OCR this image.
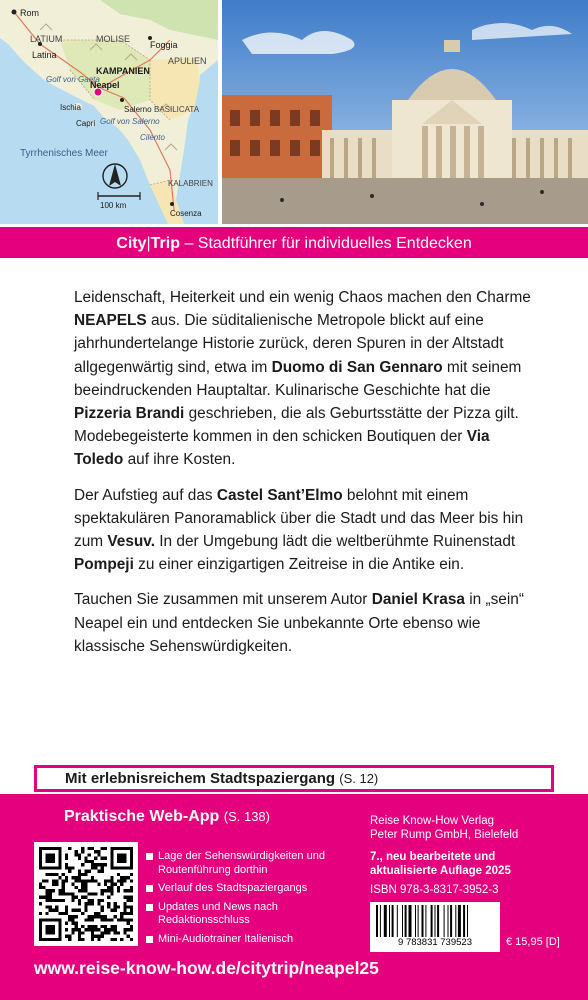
Rom
Latina
LATIUM	MOLISE
Foggia
APULIEN
KAMPANIEN
Golf von Gaeta
Neapel
Ischia
Capri
Salerno
Golf von Salerno
Cilento
BASILICATA
Tyrrhenisches Meer
KALABRIEN
Cosenza
100 km
City|Trip – Stadtführer für individuelles Entdecken

Leidenschaft, Heiterkeit und ein wenig Chaos machen den Charme NEAPELS aus. Die süditalienische Metropole blickt auf eine jahrhundertelange Historie zurück, deren Spuren in der Altstadt allgegenwärtig sind, etwa im Duomo di San Gennaro mit seinem beeindruckenden Hauptaltar. Kulinarische Geschichte hat die Pizzeria Brandi geschrieben, die als Geburtsstätte der Pizza gilt. Modebegeisterte kommen in den schicken Boutiquen der Via Toledo auf ihre Kosten.

Der Aufstieg auf das Castel Sant’Elmo belohnt mit einem spektakulären Panoramablick über die Stadt und das Meer bis hin zum Vesuv. In der Umgebung lädt die weltberühmte Ruinenstadt Pompeji zu einer einzigartigen Zeitreise in die Antike ein.

Tauchen Sie zusammen mit unserem Autor Daniel Krasa in „sein“ Neapel ein und entdecken Sie unbekannte Orte ebenso wie klassische Sehenswürdigkeiten.

Mit erlebnisreichem Stadtspaziergang (S. 12)
Praktische Web-App (S. 138)
Lage der Sehenswürdigkeiten und Routenführung dorthin
Verlauf des Stadtspaziergangs
Updates und News nach Redaktionsschluss
Mini-Audiotrainer Italienisch
Reise Know-How Verlag
Peter Rump GmbH, Bielefeld
7., neu bearbeitete und
aktualisierte Auflage 2025
ISBN 978-3-8317-3952-3
9 783831 739523	€ 15,95 [D]
www.reise-know-how.de/citytrip/neapel25
